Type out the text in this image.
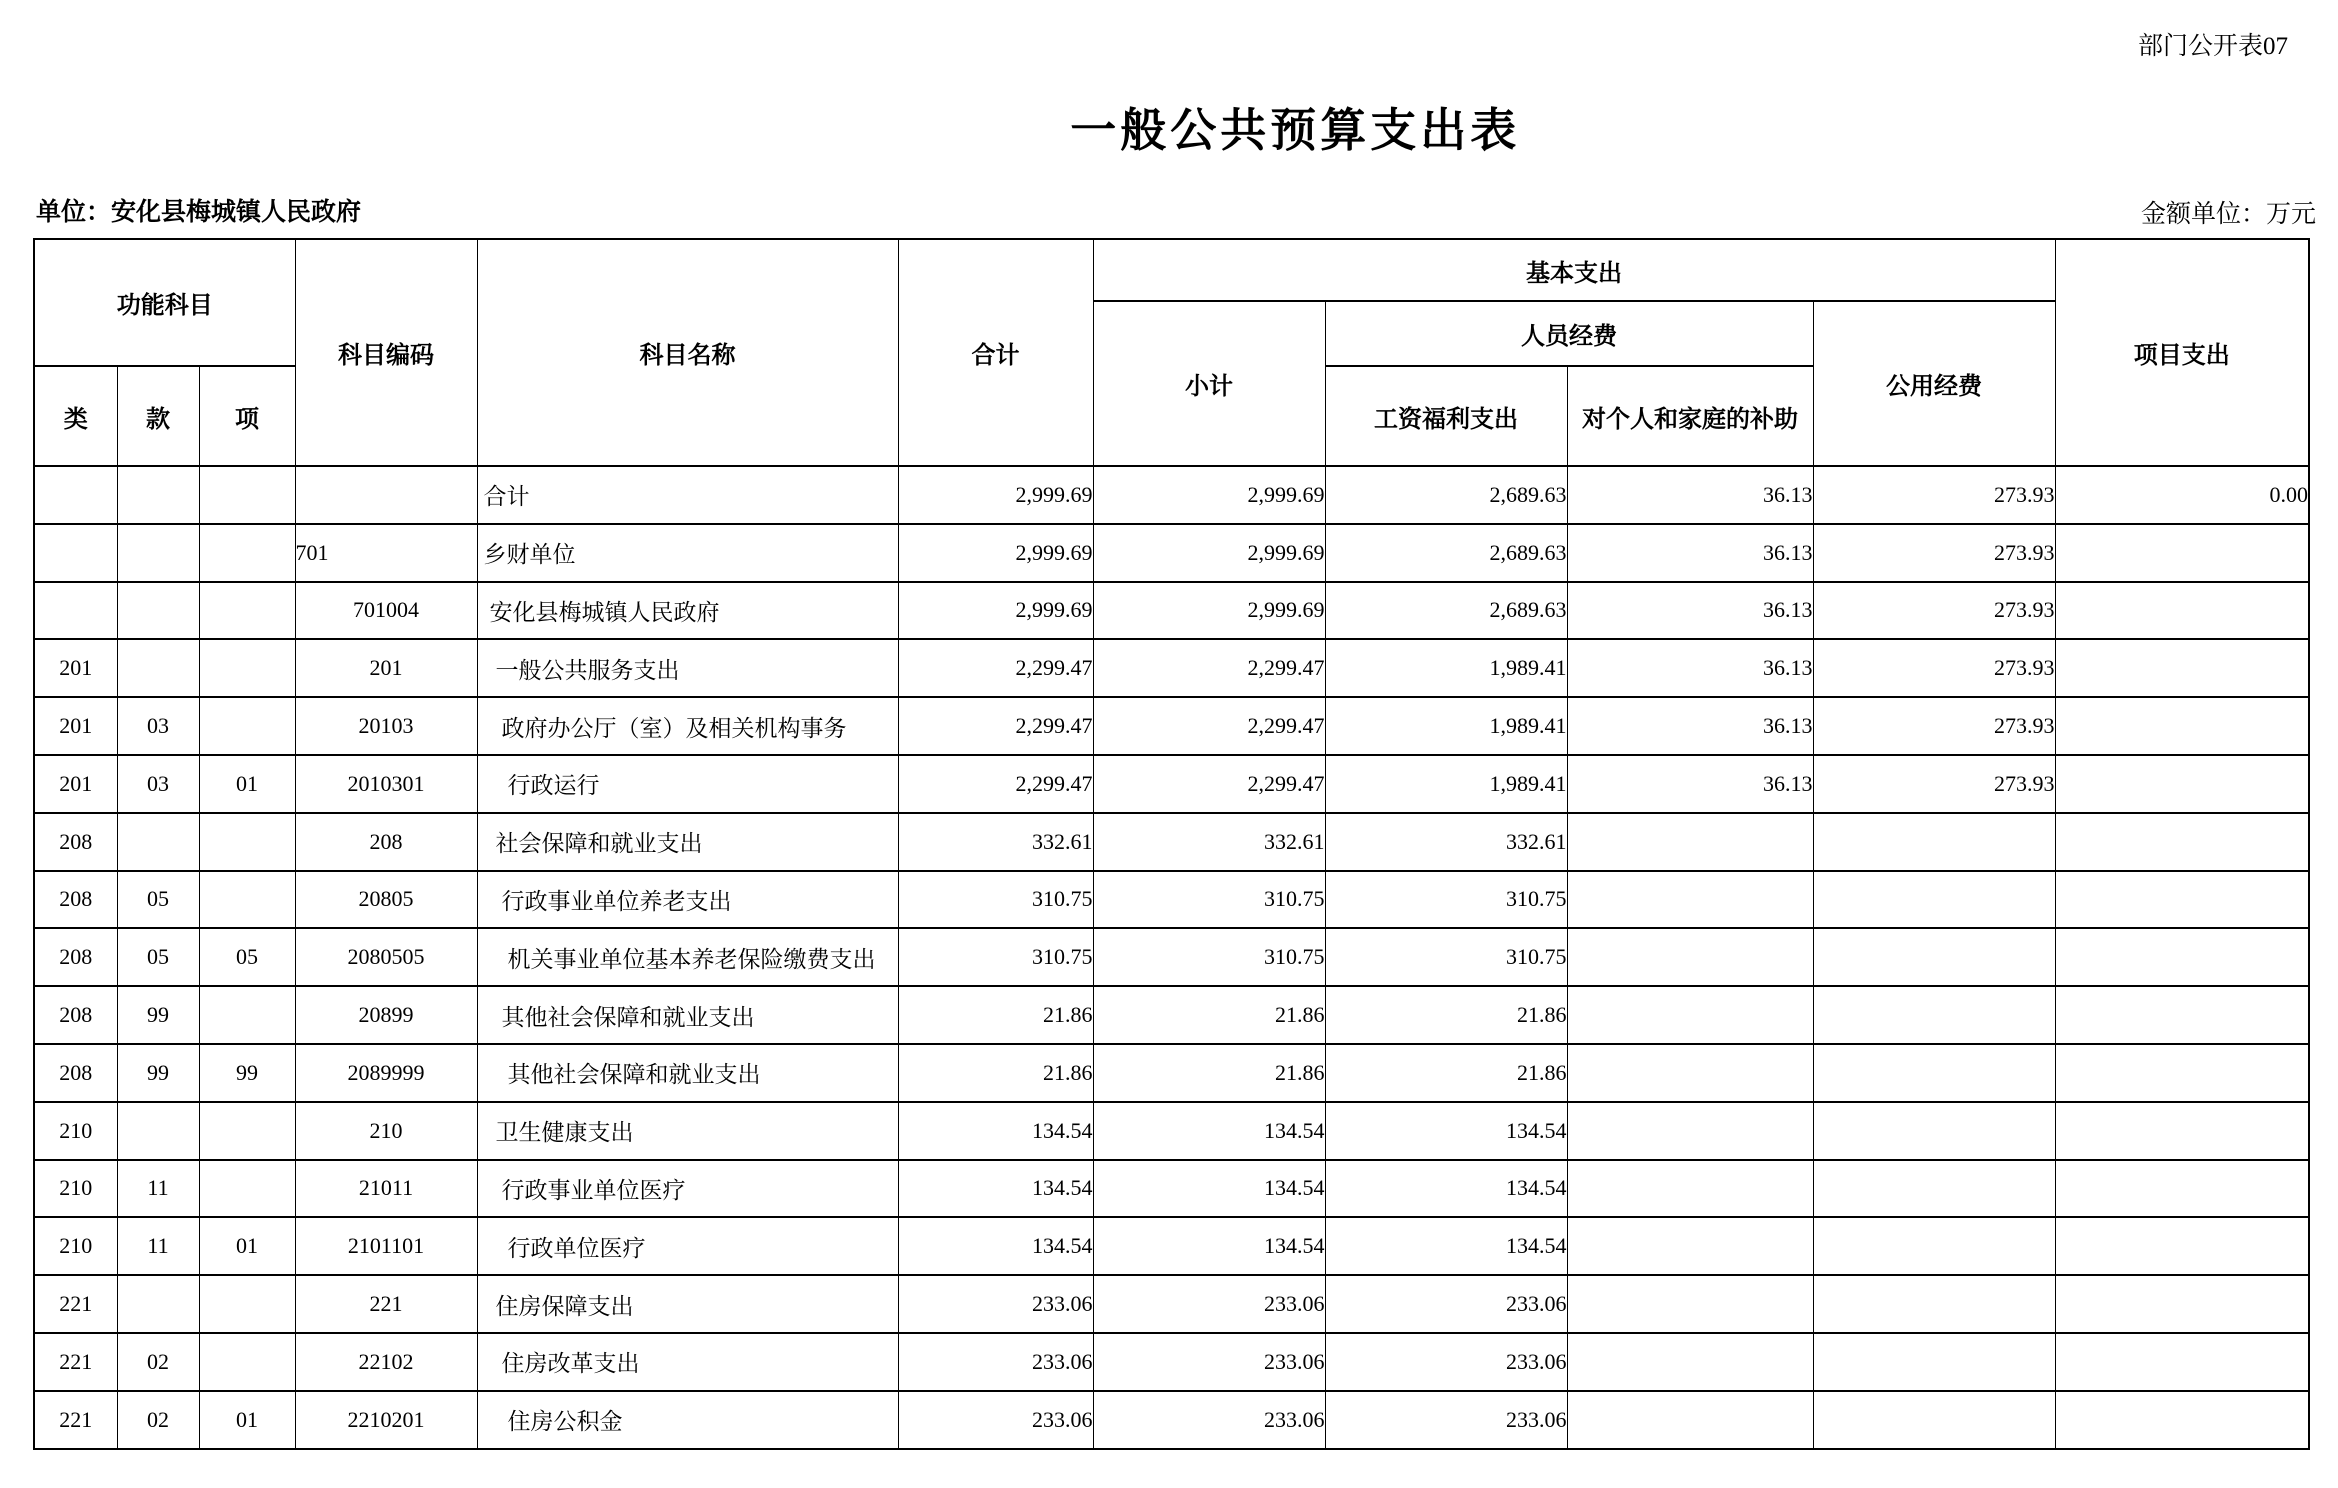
部门公开表07
一般公共预算支出表
单位：安化县梅城镇人民政府	金额单位：万元
功能科目			科目编码	科目名称	合计	基本支出				项目支出
						小计	人员经费		公用经费	
类	款	项					工资福利支出	对个人和家庭的补助		
				合计	2,999.69	2,999.69	2,689.63	36.13	273.93	0.00
			701	乡财单位	2,999.69	2,999.69	2,689.63	36.13	273.93	
			701004	安化县梅城镇人民政府	2,999.69	2,999.69	2,689.63	36.13	273.93	
201			201	一般公共服务支出	2,299.47	2,299.47	1,989.41	36.13	273.93	
201	03		20103	政府办公厅（室）及相关机构事务	2,299.47	2,299.47	1,989.41	36.13	273.93	
201	03	01	2010301	行政运行	2,299.47	2,299.47	1,989.41	36.13	273.93	
208			208	社会保障和就业支出	332.61	332.61	332.61			
208	05		20805	行政事业单位养老支出	310.75	310.75	310.75			
208	05	05	2080505	机关事业单位基本养老保险缴费支出	310.75	310.75	310.75			
208	99		20899	其他社会保障和就业支出	21.86	21.86	21.86			
208	99	99	2089999	其他社会保障和就业支出	21.86	21.86	21.86			
210			210	卫生健康支出	134.54	134.54	134.54			
210	11		21011	行政事业单位医疗	134.54	134.54	134.54			
210	11	01	2101101	行政单位医疗	134.54	134.54	134.54			
221			221	住房保障支出	233.06	233.06	233.06			
221	02		22102	住房改革支出	233.06	233.06	233.06			
221	02	01	2210201	住房公积金	233.06	233.06	233.06			
